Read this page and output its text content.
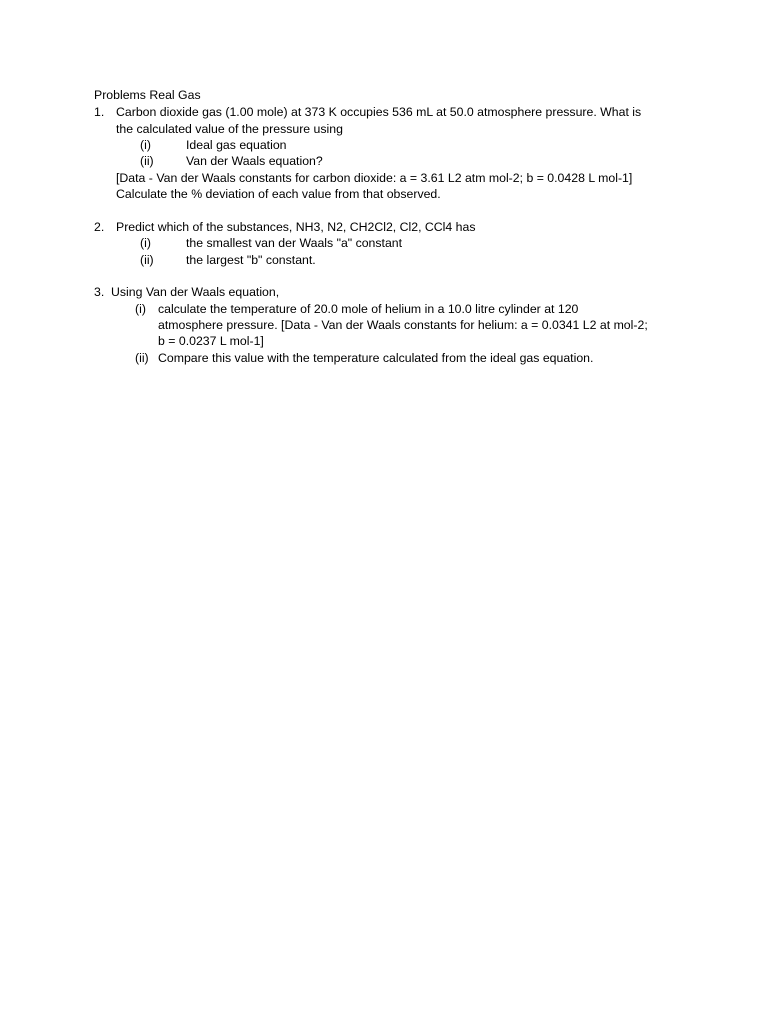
Problems Real Gas
1. Carbon dioxide gas (1.00 mole) at 373 K occupies 536 mL at 50.0 atmosphere pressure. What is
the calculated value of the pressure using
(i)	Ideal gas equation
(ii)	Van der Waals equation?
[Data - Van der Waals constants for carbon dioxide: a = 3.61 L2 atm mol-2; b = 0.0428 L mol-1]
Calculate the % deviation of each value from that observed.
2. Predict which of the substances, NH3, N2, CH2Cl2, Cl2, CCl4 has
(i)	the smallest van der Waals "a" constant
(ii)	the largest "b" constant.
3. Using Van der Waals equation,
(i) calculate the temperature of 20.0 mole of helium in a 10.0 litre cylinder at 120
atmosphere pressure. [Data - Van der Waals constants for helium: a = 0.0341 L2 at mol-2;
b = 0.0237 L mol-1]
(ii) Compare this value with the temperature calculated from the ideal gas equation.
